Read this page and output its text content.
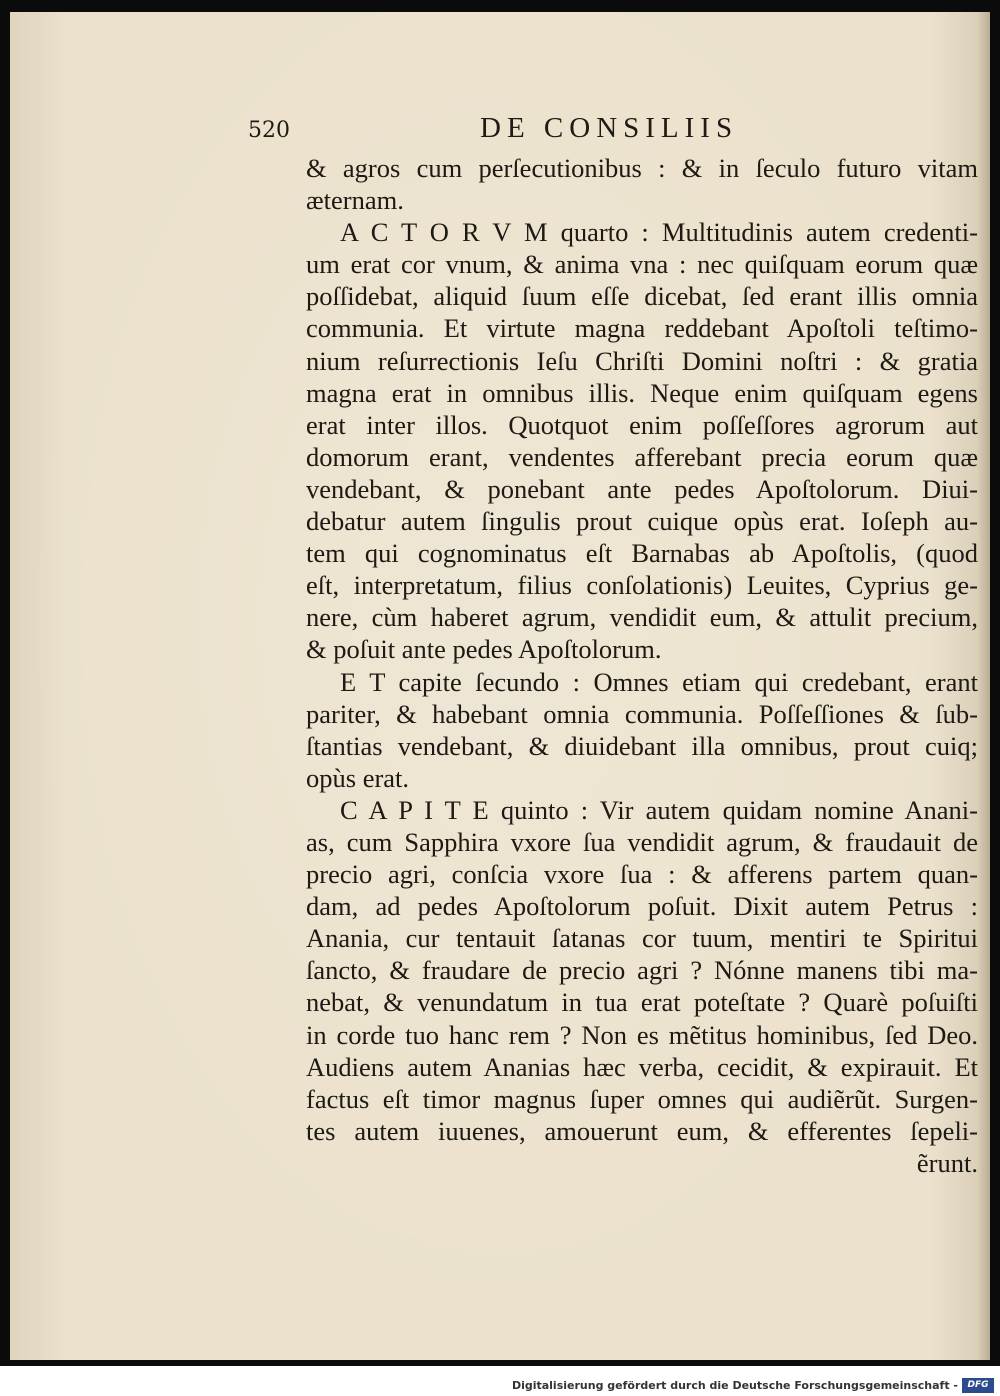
520	DE CONSILIIS
& agros cum perſecutionibus : & in ſeculo futuro vitam
æternam.
A C T O R V M quarto : Multitudinis autem credenti-
um erat cor vnum, & anima vna : nec quiſquam eorum quæ
poſſidebat, aliquid ſuum eſſe dicebat, ſed erant illis omnia
communia. Et virtute magna reddebant Apoſtoli teſtimo-
nium reſurrectionis Ieſu Chriſti Domini noſtri : & gratia
magna erat in omnibus illis. Neque enim quiſquam egens
erat inter illos. Quotquot enim poſſeſſores agrorum aut
domorum erant, vendentes afferebant precia eorum quæ
vendebant, & ponebant ante pedes Apoſtolorum. Diui-
debatur autem ſingulis prout cuique opùs erat. Ioſeph au-
tem qui cognominatus eſt Barnabas ab Apoſtolis, (quod
eſt, interpretatum, filius conſolationis) Leuites, Cyprius ge-
nere, cùm haberet agrum, vendidit eum, & attulit precium,
& poſuit ante pedes Apoſtolorum.
E T capite ſecundo : Omnes etiam qui credebant, erant
pariter, & habebant omnia communia. Poſſeſſiones & ſub-
ſtantias vendebant, & diuidebant illa omnibus, prout cuiq;
opùs erat.
C A P I T E quinto : Vir autem quidam nomine Anani-
as, cum Sapphira vxore ſua vendidit agrum, & fraudauit de
precio agri, conſcia vxore ſua : & afferens partem quan-
dam, ad pedes Apoſtolorum poſuit. Dixit autem Petrus :
Anania, cur tentauit ſatanas cor tuum, mentiri te Spiritui
ſancto, & fraudare de precio agri ? Nónne manens tibi ma-
nebat, & venundatum in tua erat poteſtate ? Quarè poſuiſti
in corde tuo hanc rem ? Non es mẽtitus hominibus, ſed Deo.
Audiens autem Ananias hæc verba, cecidit, & expirauit. Et
factus eſt timor magnus ſuper omnes qui audiẽrũt. Surgen-
tes autem iuuenes, amouerunt eum, & efferentes ſepeli-
ẽrunt.
Digitalisierung gefördert durch die Deutsche Forschungsgemeinschaft -	DFG
